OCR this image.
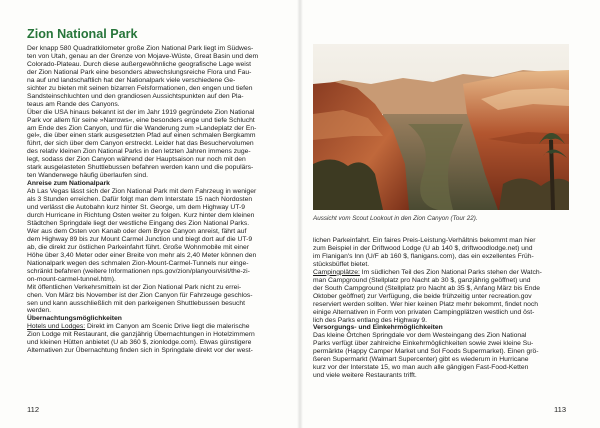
Zion National Park

Der knapp 580 Quadratkilometer große Zion National Park liegt im Südwes-

ten von Utah, genau an der Grenze von Mojave-Wüste, Great Basin und dem

Colorado-Plateau. Durch diese außergewöhnliche geografische Lage weist

der Zion National Park eine besonders abwechslungsreiche Flora und Fau-

na auf und landschaftlich hat der Nationalpark viele verschiedene Ge-

sichter zu bieten mit seinen bizarren Felsformationen, den engen und tiefen

Sandsteinschluchten und den grandiosen Aussichtspunkten auf den Pla-

teaus am Rande des Canyons.

Über die USA hinaus bekannt ist der im Jahr 1919 gegründete Zion National

Park vor allem für seine »Narrows«, eine besonders enge und tiefe Schlucht

am Ende des Zion Canyon, und für die Wanderung zum »Landeplatz der En-

gel«, die über einen stark ausgesetzten Pfad auf einen schmalen Bergkamm

führt, der sich über dem Canyon erstreckt. Leider hat das Besuchervolumen

des relativ kleinen Zion National Parks in den letzten Jahren immens zuge-

legt, sodass der Zion Canyon während der Hauptsaison nur noch mit den

stark ausgelasteten Shuttlebussen befahren werden kann und die populärs-

ten Wanderwege häufig überlaufen sind.

Anreise zum Nationalpark

Ab Las Vegas lässt sich der Zion National Park mit dem Fahrzeug in weniger

als 3 Stunden erreichen. Dafür folgt man dem Interstate 15 nach Nordosten

und verlässt die Autobahn kurz hinter St. George, um dem Highway UT-9

durch Hurricane in Richtung Osten weiter zu folgen. Kurz hinter dem kleinen

Städtchen Springdale liegt der westliche Eingang des Zion National Parks.

Wer aus dem Osten von Kanab oder dem Bryce Canyon anreist, fährt auf

dem Highway 89 bis zur Mount Carmel Junction und biegt dort auf die UT-9

ab, die direkt zur östlichen Parkeinfahrt führt. Große Wohnmobile mit einer

Höhe über 3,40 Meter oder einer Breite von mehr als 2,40 Meter können den

Nationalpark wegen des schmalen Zion-Mount-Carmel-Tunnels nur einge-

schränkt befahren (weitere Informationen nps.gov/zion/planyourvisit/the-zi-

on-mount-carmel-tunnel.htm).

Mit öffentlichen Verkehrsmitteln ist der Zion National Park nicht zu errei-

chen. Von März bis November ist der Zion Canyon für Fahrzeuge geschlos-

sen und kann ausschließlich mit den parkeigenen Shuttlebussen besucht

werden.

Übernachtungsmöglichkeiten

Hotels und Lodges: Direkt im Canyon am Scenic Drive liegt die malerische

Zion Lodge mit Restaurant, die ganzjährig Übernachtungen in Hotelzimmern

und kleinen Hütten anbietet (U ab 360 $, zionlodge.com). Etwas günstigere

Alternativen zur Übernachtung finden sich in Springdale direkt vor der west-

112
Aussicht vom Scout Lookout in den Zion Canyon (Tour 22).

lichen Parkeinfahrt. Ein faires Preis-Leistung-Verhältnis bekommt man hier

zum Beispiel in der Driftwood Lodge (U ab 140 $, driftwoodlodge.net) und

im Flanigan's Inn (U/F ab 160 $, flanigans.com), das ein exzellentes Früh-

stücksbüffet bietet.

Campingplätze: Im südlichen Teil des Zion National Parks stehen der Watch-

man Campground (Stellplatz pro Nacht ab 30 $, ganzjährig geöffnet) und

der South Campground (Stellplatz pro Nacht ab 35 $, Anfang März bis Ende

Oktober geöffnet) zur Verfügung, die beide frühzeitig unter recreation.gov

reserviert werden sollten. Wer hier keinen Platz mehr bekommt, findet noch

einige Alternativen in Form von privaten Campingplätzen westlich und öst-

lich des Parks entlang des Highway 9.

Versorgungs- und Einkehrmöglichkeiten

Das kleine Örtchen Springdale vor dem Westeingang des Zion National

Parks verfügt über zahlreiche Einkehrmöglichkeiten sowie zwei kleine Su-

permärkte (Happy Camper Market und Sol Foods Supermarket). Einen grö-

ßeren Supermarkt (Walmart Supercenter) gibt es wiederum in Hurricane

kurz vor der Interstate 15, wo man auch alle gängigen Fast-Food-Ketten

und viele weitere Restaurants trifft.

113
